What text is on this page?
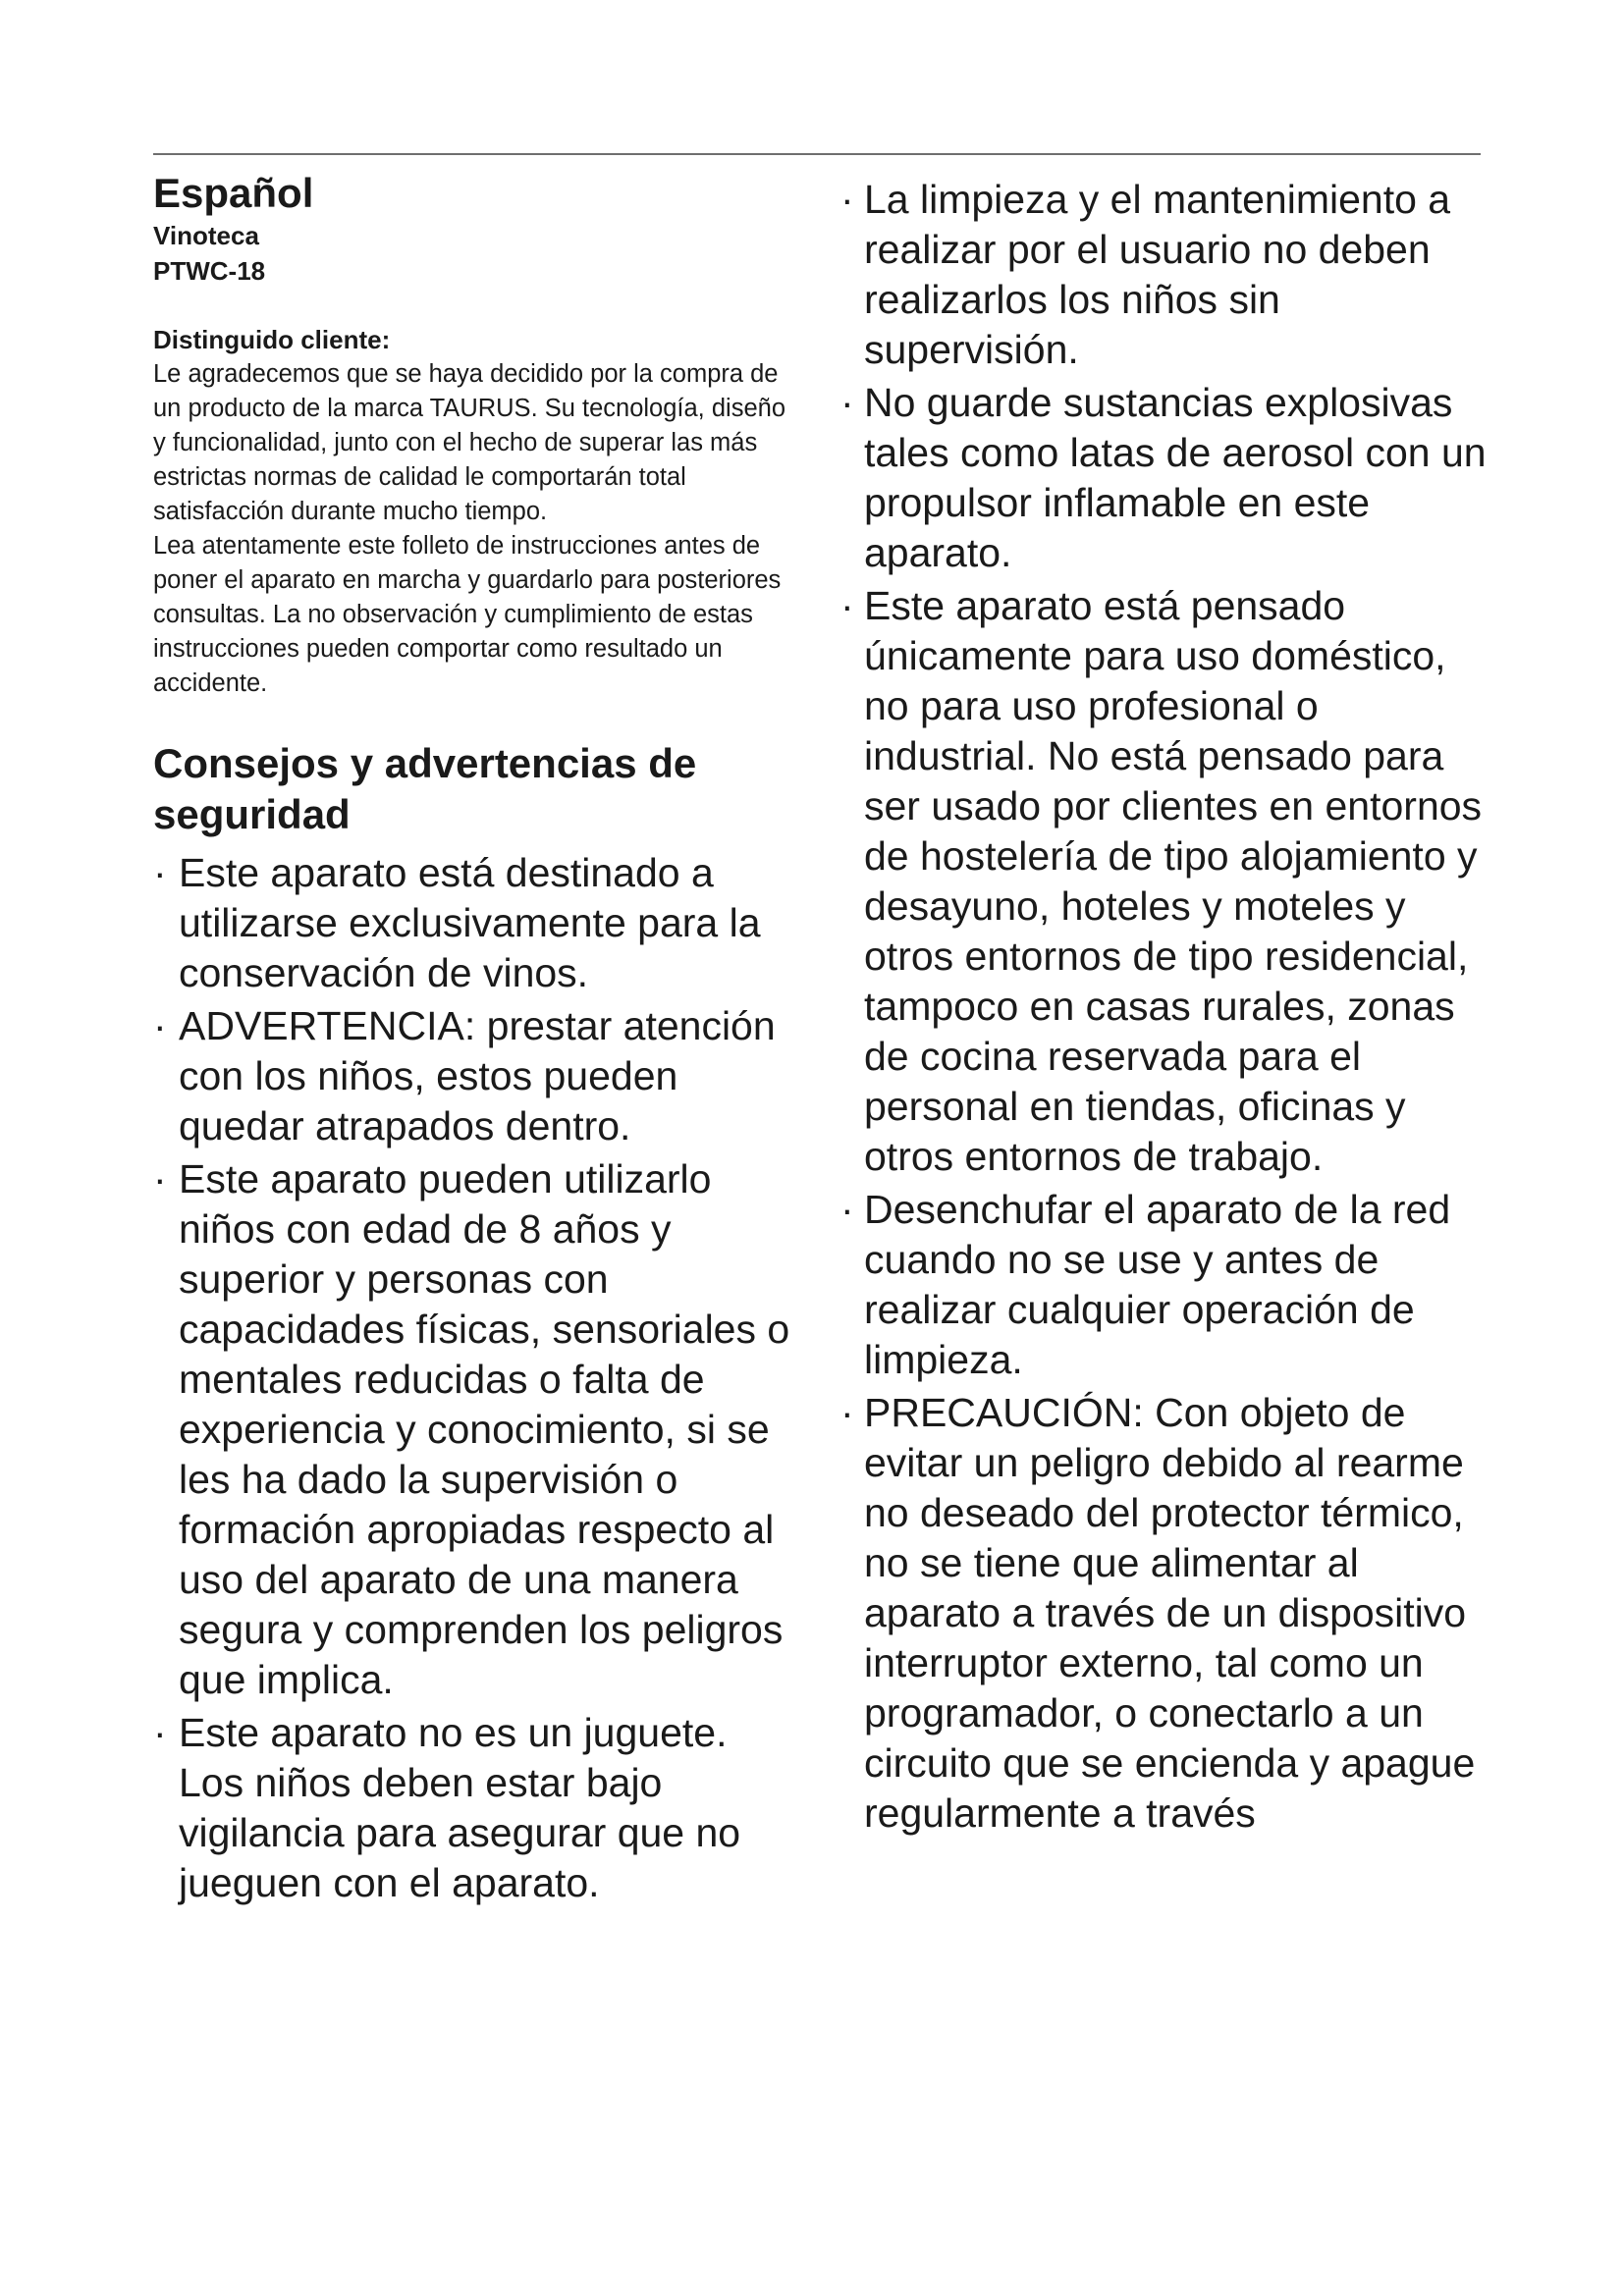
Español

Vinoteca

PTWC-18

Distinguido cliente:

Le agradecemos que se haya decidido por la compra de un producto de la marca TAURUS. Su tecnología, diseño y funcionalidad, junto con el hecho de superar las más estrictas normas de calidad le comportarán total satisfacción durante mucho tiempo.

Lea atentamente este folleto de instrucciones antes de poner el aparato en marcha y guardarlo para posteriores consultas. La no observación y cumplimiento de estas instrucciones pueden comportar como resultado un accidente.

Consejos y advertencias de seguridad
· Este aparato está destinado a utilizarse exclusivamente para la conservación de vinos.
· ADVERTENCIA: prestar atención con los niños, estos pueden quedar atrapados dentro.
· Este aparato pueden utilizarlo niños con edad de 8 años y superior y personas con capacidades físicas, sensoriales o mentales reducidas o falta de experiencia y conocimiento, si se les ha dado la supervisión o formación apropiadas respecto al uso del aparato de una manera segura y comprenden los peligros que implica.
· Este aparato no es un juguete. Los niños deben estar bajo vigilancia para asegurar que no jueguen con el aparato.
· La limpieza y el mantenimiento a realizar por el usuario no deben realizarlos los niños sin supervisión.
· No guarde sustancias explosivas tales como latas de aerosol con un propulsor inflamable en este aparato.
· Este aparato está pensado únicamente para uso doméstico, no para uso profesional o industrial. No está pensado para ser usado por clientes en entornos de hostelería de tipo alojamiento y desayuno, hoteles y moteles y otros entornos de tipo residencial, tampoco en casas rurales, zonas de cocina reservada para el personal en tiendas, oficinas y otros entornos de trabajo.
· Desenchufar el aparato de la red cuando no se use y antes de realizar cualquier operación de limpieza.
· PRECAUCIÓN: Con objeto de evitar un peligro debido al rearme no deseado del protector térmico, no se tiene que alimentar al aparato a través de un dispositivo interruptor externo, tal como un programador, o conectarlo a un circuito que se encienda y apague regularmente a través
